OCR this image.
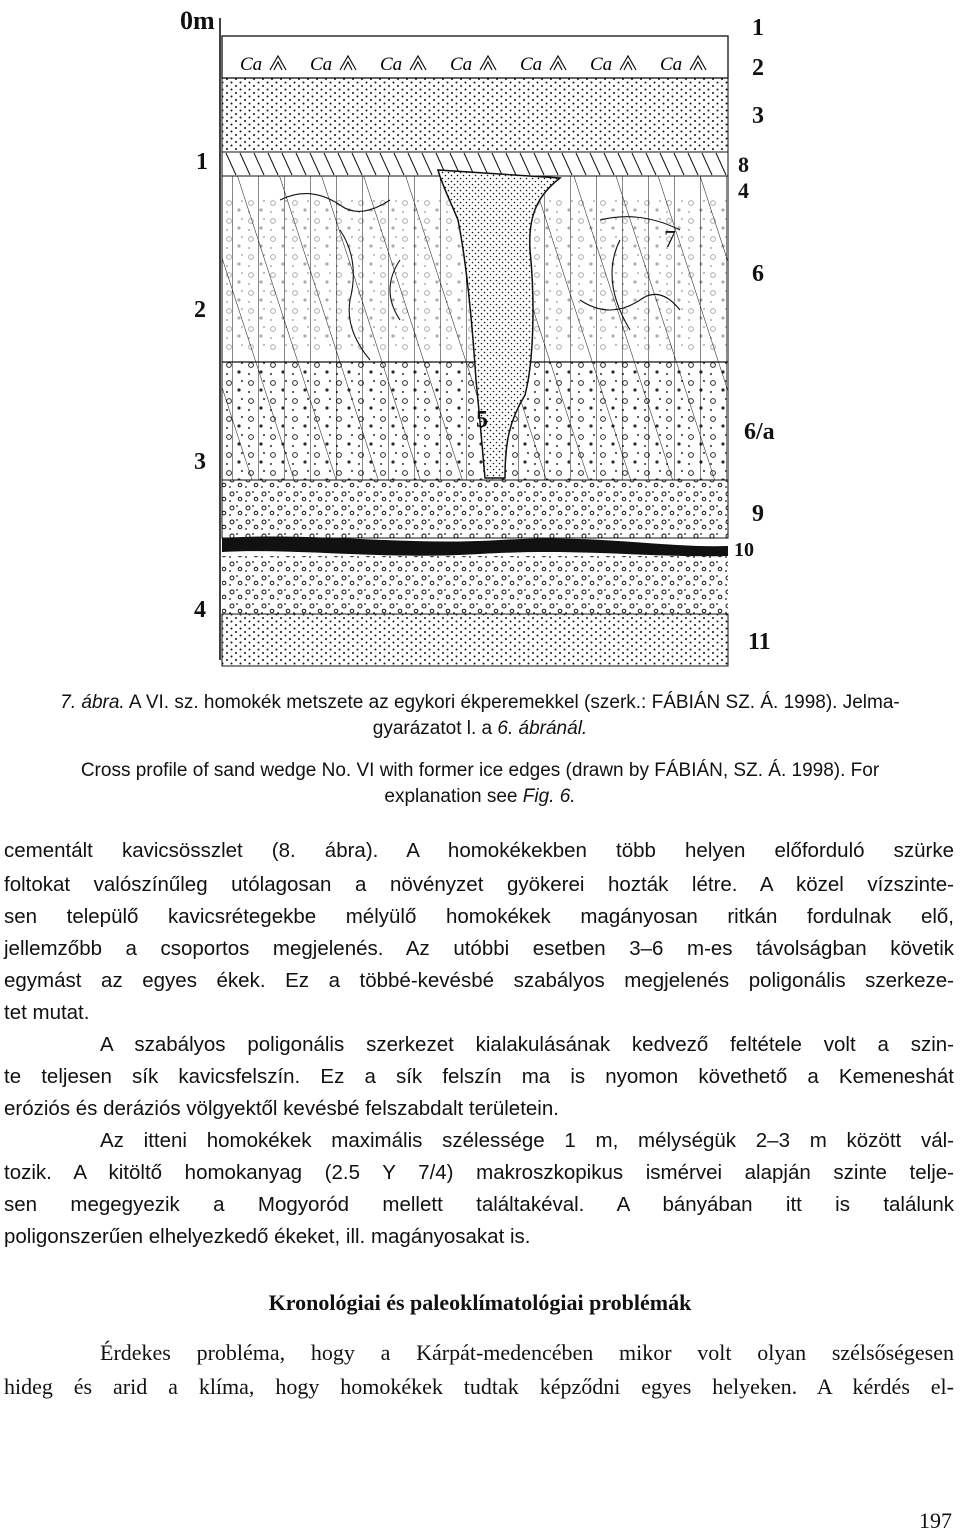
Ca	Ca	Ca	Ca	Ca	Ca	Ca
0m
1
2
3
4
1
2
3
8
4
6
6/a
9
10
11
5
7
7. ábra. A VI. sz. homokék metszete az egykori ékperemekkel (szerk.: FÁBIÁN SZ. Á. 1998). Jelma-
gyarázatot l. a 6. ábránál.
Cross profile of sand wedge No. VI with former ice edges (drawn by FÁBIÁN, SZ. Á. 1998). For
explanation see Fig. 6.
cementált kavicsösszlet (8. ábra). A homokékekben több helyen előforduló szürke
foltokat valószínűleg utólagosan a növényzet gyökerei hozták létre. A közel vízszinte-
sen települő kavicsrétegekbe mélyülő homokékek magányosan ritkán fordulnak elő,
jellemzőbb a csoportos megjelenés. Az utóbbi esetben 3–6 m-es távolságban követik
egymást az egyes ékek. Ez a többé-kevésbé szabályos megjelenés poligonális szerkeze-
tet mutat.
A szabályos poligonális szerkezet kialakulásának kedvező feltétele volt a szin-
te teljesen sík kavicsfelszín. Ez a sík felszín ma is nyomon követhető a Kemeneshát
eróziós és deráziós völgyektől kevésbé felszabdalt területein.
Az itteni homokékek maximális szélessége 1 m, mélységük 2–3 m között vál-
tozik. A kitöltő homokanyag (2.5 Y 7/4) makroszkopikus ismérvei alapján szinte telje-
sen megegyezik a Mogyoród mellett találtakéval. A bányában itt is találunk
poligonszerűen elhelyezkedő ékeket, ill. magányosakat is.
Kronológiai és paleoklímatológiai problémák
Érdekes probléma, hogy a Kárpát-medencében mikor volt olyan szélsőségesen
hideg és arid a klíma, hogy homokékek tudtak képződni egyes helyeken. A kérdés el-
197
